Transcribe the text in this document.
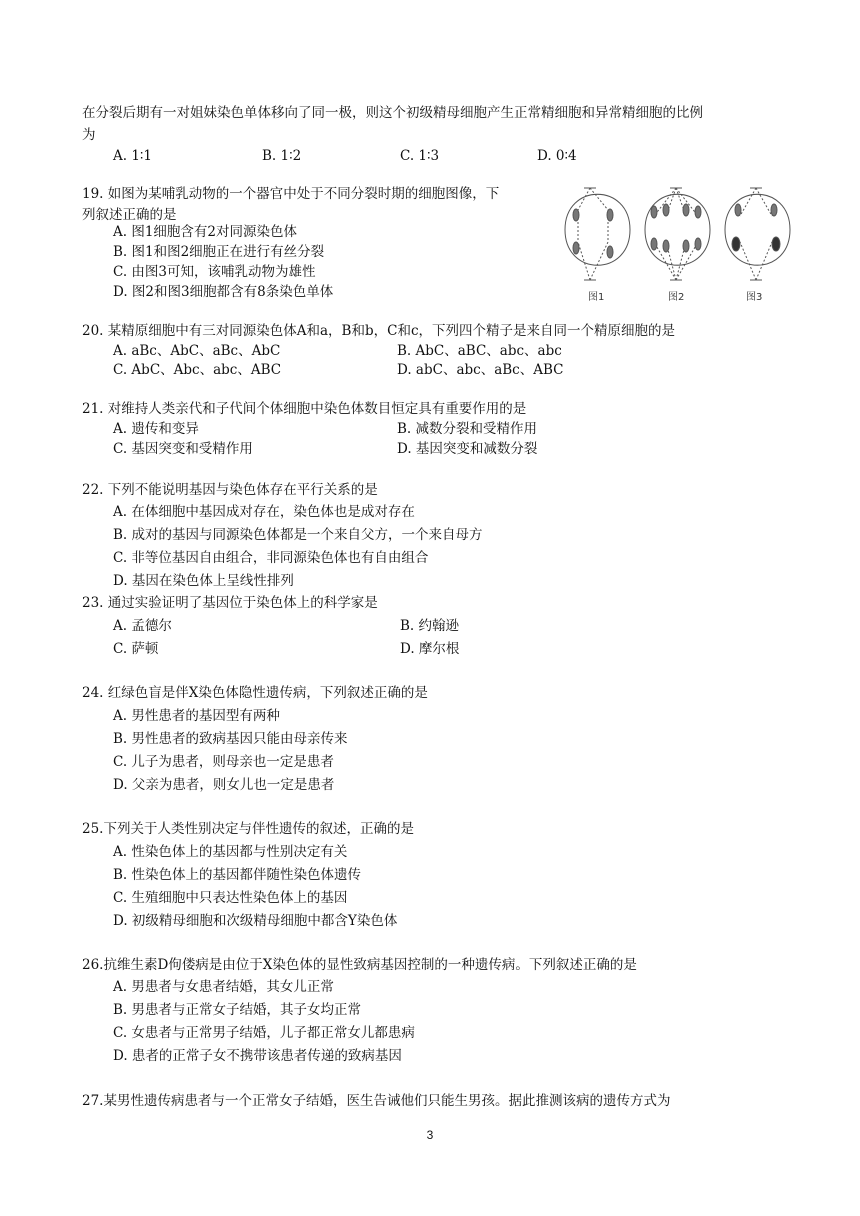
在分裂后期有一对姐妹染色单体移向了同一极，则这个初级精母细胞产生正常精细胞和异常精细胞的比例
为
A. 1∶1	B. 1∶2	C. 1∶3	D. 0∶4
19. 如图为某哺乳动物的一个器官中处于不同分裂时期的细胞图像，下
列叙述正确的是
A. 图1细胞含有2对同源染色体
B. 图1和图2细胞正在进行有丝分裂
C. 由图3可知，该哺乳动物为雄性
D. 图2和图3细胞都含有8条染色单体	图1	图2	图3
20. 某精原细胞中有三对同源染色体A和a，B和b，C和c，下列四个精子是来自同一个精原细胞的是
A. aBc、AbC、aBc、AbC	B. AbC、aBC、abc、abc
C. AbC、Abc、abc、ABC	D. abC、abc、aBc、ABC
21. 对维持人类亲代和子代间个体细胞中染色体数目恒定具有重要作用的是
A. 遗传和变异	B. 减数分裂和受精作用
C. 基因突变和受精作用	D. 基因突变和减数分裂
22. 下列不能说明基因与染色体存在平行关系的是
A. 在体细胞中基因成对存在，染色体也是成对存在
B. 成对的基因与同源染色体都是一个来自父方，一个来自母方
C. 非等位基因自由组合，非同源染色体也有自由组合
D. 基因在染色体上呈线性排列
23. 通过实验证明了基因位于染色体上的科学家是
A. 孟德尔	B. 约翰逊
C. 萨顿	D. 摩尔根
24. 红绿色盲是伴X染色体隐性遗传病，下列叙述正确的是
A. 男性患者的基因型有两种
B. 男性患者的致病基因只能由母亲传来
C. 儿子为患者，则母亲也一定是患者
D. 父亲为患者，则女儿也一定是患者
25.下列关于人类性别决定与伴性遗传的叙述，正确的是
A. 性染色体上的基因都与性别决定有关
B. 性染色体上的基因都伴随性染色体遗传
C. 生殖细胞中只表达性染色体上的基因
D. 初级精母细胞和次级精母细胞中都含Y染色体
26.抗维生素D佝偻病是由位于X染色体的显性致病基因控制的一种遗传病。下列叙述正确的是
A. 男患者与女患者结婚，其女儿正常
B. 男患者与正常女子结婚，其子女均正常
C. 女患者与正常男子结婚，儿子都正常女儿都患病
D. 患者的正常子女不携带该患者传递的致病基因
27.某男性遗传病患者与一个正常女子结婚，医生告诫他们只能生男孩。据此推测该病的遗传方式为
3
